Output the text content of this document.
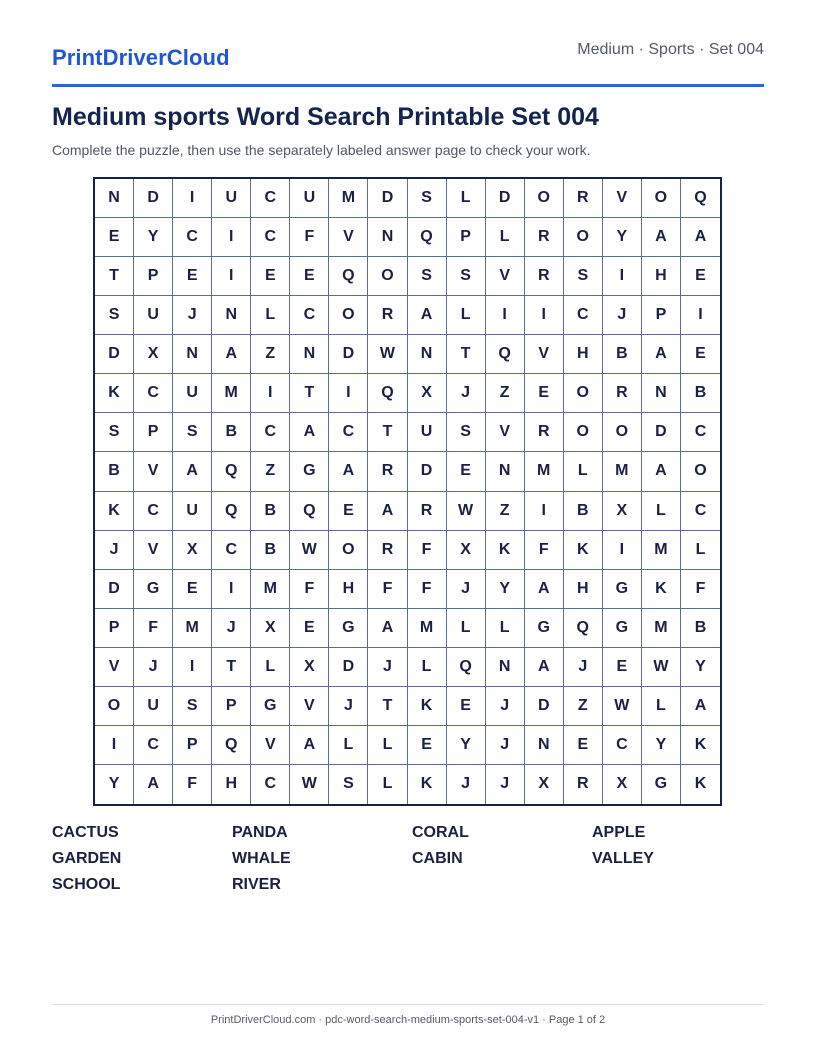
PrintDriverCloud	Medium · Sports · Set 004
Medium sports Word Search Printable Set 004
Complete the puzzle, then use the separately labeled answer page to check your work.
N	D	I	U	C	U	M	D	S	L	D	O	R	V	O	Q
E	Y	C	I	C	F	V	N	Q	P	L	R	O	Y	A	A
T	P	E	I	E	E	Q	O	S	S	V	R	S	I	H	E
S	U	J	N	L	C	O	R	A	L	I	I	C	J	P	I
D	X	N	A	Z	N	D	W	N	T	Q	V	H	B	A	E
K	C	U	M	I	T	I	Q	X	J	Z	E	O	R	N	B
S	P	S	B	C	A	C	T	U	S	V	R	O	O	D	C
B	V	A	Q	Z	G	A	R	D	E	N	M	L	M	A	O
K	C	U	Q	B	Q	E	A	R	W	Z	I	B	X	L	C
J	V	X	C	B	W	O	R	F	X	K	F	K	I	M	L
D	G	E	I	M	F	H	F	F	J	Y	A	H	G	K	F
P	F	M	J	X	E	G	A	M	L	L	G	Q	G	M	B
V	J	I	T	L	X	D	J	L	Q	N	A	J	E	W	Y
O	U	S	P	G	V	J	T	K	E	J	D	Z	W	L	A
I	C	P	Q	V	A	L	L	E	Y	J	N	E	C	Y	K
Y	A	F	H	C	W	S	L	K	J	J	X	R	X	G	K
CACTUS	PANDA	CORAL	APPLE
GARDEN	WHALE	CABIN	VALLEY
SCHOOL	RIVER
PrintDriverCloud.com · pdc-word-search-medium-sports-set-004-v1 · Page 1 of 2
